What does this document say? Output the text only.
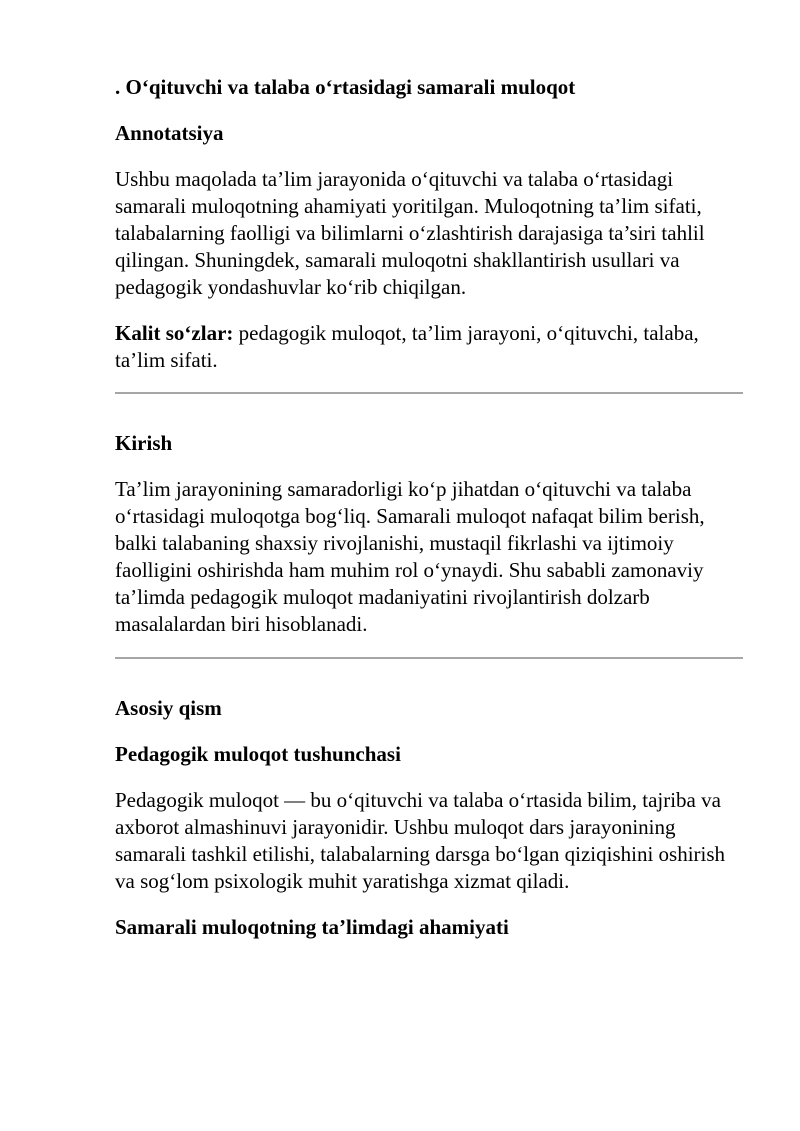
. O‘qituvchi va talaba o‘rtasidagi samarali muloqot
Annotatsiya

Ushbu maqolada ta’lim jarayonida o‘qituvchi va talaba o‘rtasidagi samarali muloqotning ahamiyati yoritilgan. Muloqotning ta’lim sifati, talabalarning faolligi va bilimlarni o‘zlashtirish darajasiga ta’siri tahlil qilingan. Shuningdek, samarali muloqotni shakllantirish usullari va pedagogik yondashuvlar ko‘rib chiqilgan.

Kalit so‘zlar: pedagogik muloqot, ta’lim jarayoni, o‘qituvchi, talaba, ta’lim sifati.

Kirish

Ta’lim jarayonining samaradorligi ko‘p jihatdan o‘qituvchi va talaba o‘rtasidagi muloqotga bog‘liq. Samarali muloqot nafaqat bilim berish, balki talabaning shaxsiy rivojlanishi, mustaqil fikrlashi va ijtimoiy faolligini oshirishda ham muhim rol o‘ynaydi. Shu sababli zamonaviy ta’limda pedagogik muloqot madaniyatini rivojlantirish dolzarb masalalardan biri hisoblanadi.

Asosiy qism
Pedagogik muloqot tushunchasi

Pedagogik muloqot — bu o‘qituvchi va talaba o‘rtasida bilim, tajriba va axborot almashinuvi jarayonidir. Ushbu muloqot dars jarayonining samarali tashkil etilishi, talabalarning darsga bo‘lgan qiziqishini oshirish va sog‘lom psixologik muhit yaratishga xizmat qiladi.

Samarali muloqotning ta’limdagi ahamiyati
